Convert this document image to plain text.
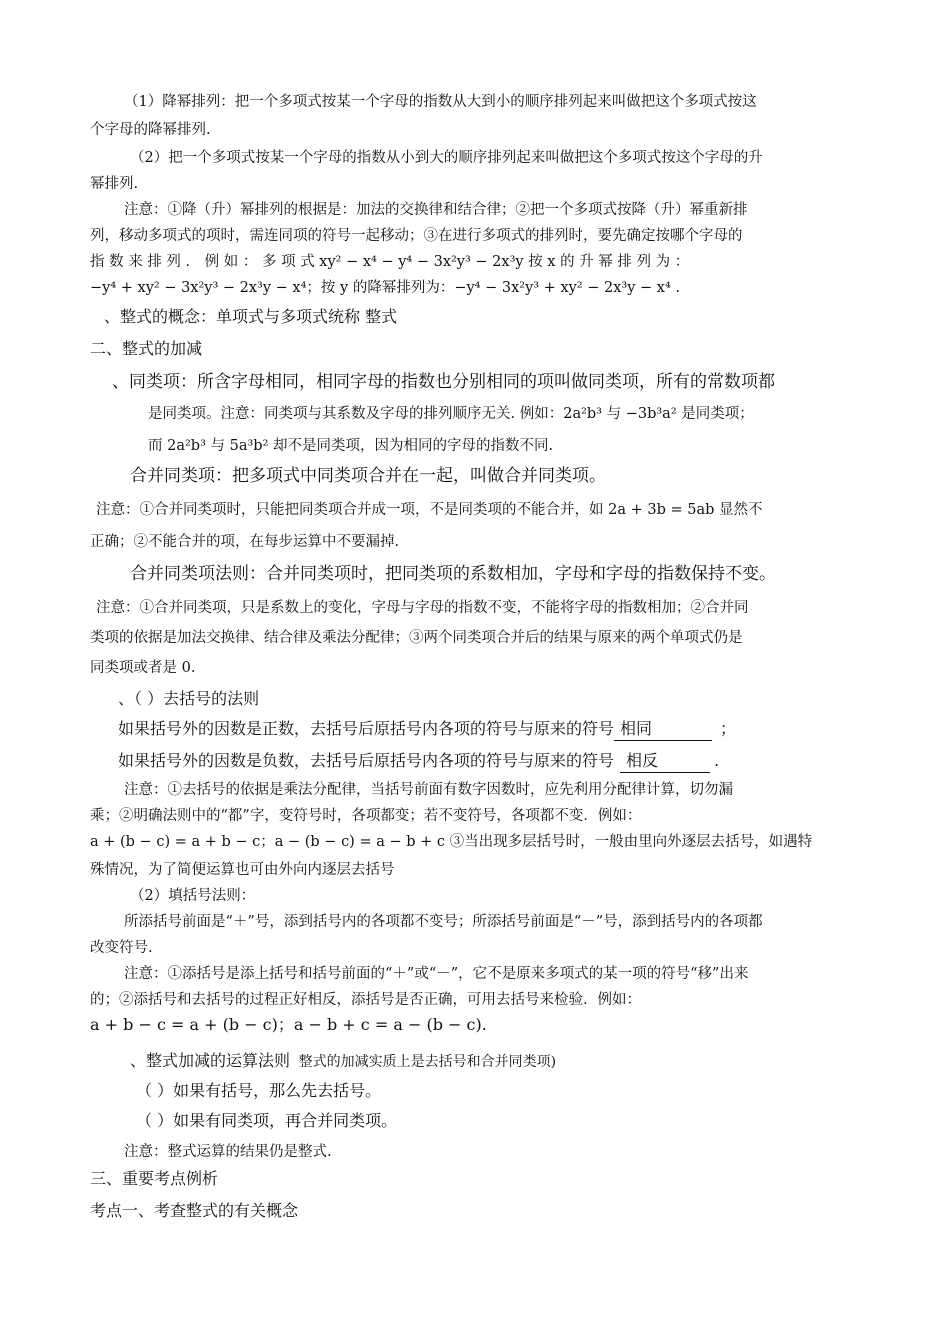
（1）降幂排列：把一个多项式按某一个字母的指数从大到小的顺序排列起来叫做把这个多项式按这
个字母的降幂排列.
（2）把一个多项式按某一个字母的指数从小到大的顺序排列起来叫做把这个多项式按这个字母的升
幂排列.
注意：①降（升）幂排列的根据是：加法的交换律和结合律；②把一个多项式按降（升）幂重新排
列，移动多项式的项时，需连同项的符号一起移动；③在进行多项式的排列时，要先确定按哪个字母的
指 数 来 排 列 ． 例 如 ： 多 项 式 xy² − x⁴ − y⁴ − 3x²y³ − 2x³y 按 x 的 升 幂 排 列 为 ：
−y⁴ + xy² − 3x²y³ − 2x³y − x⁴；按 y 的降幂排列为：−y⁴ − 3x²y³ + xy² − 2x³y − x⁴ .
、整式的概念：单项式与多项式统称 整式
二、整式的加减
、同类项：所含字母相同，相同字母的指数也分别相同的项叫做同类项，所有的常数项都
是同类项。注意：同类项与其系数及字母的排列顺序无关. 例如：2a²b³ 与 −3b³a² 是同类项；
而 2a²b³ 与 5a³b² 却不是同类项，因为相同的字母的指数不同.
合并同类项：把多项式中同类项合并在一起，叫做合并同类项。
注意：①合并同类项时，只能把同类项合并成一项，不是同类项的不能合并，如 2a + 3b = 5ab 显然不
正确；②不能合并的项，在每步运算中不要漏掉.
合并同类项法则：合并同类项时，把同类项的系数相加，字母和字母的指数保持不变。
注意：①合并同类项，只是系数上的变化，字母与字母的指数不变，不能将字母的指数相加；②合并同
类项的依据是加法交换律、结合律及乘法分配律；③两个同类项合并后的结果与原来的两个单项式仍是
同类项或者是 0.
、（ ）去括号的法则
如果括号外的因数是正数，去括号后原括号内各项的符号与原来的符号 相同	；
如果括号外的因数是负数，去括号后原括号内各项的符号与原来的符号 相反	.
注意：①去括号的依据是乘法分配律，当括号前面有数字因数时，应先利用分配律计算，切勿漏
乘；②明确法则中的“都”字，变符号时，各项都变；若不变符号，各项都不变．例如：
a + (b − c) = a + b − c；a − (b − c) = a − b + c ③当出现多层括号时，一般由里向外逐层去括号，如遇特
殊情况，为了简便运算也可由外向内逐层去括号
（2）填括号法则：
所添括号前面是“＋”号，添到括号内的各项都不变号；所添括号前面是“－”号，添到括号内的各项都
改变符号.
注意：①添括号是添上括号和括号前面的“＋”或“－”，它不是原来多项式的某一项的符号“移”出来
的；②添括号和去括号的过程正好相反，添括号是否正确，可用去括号来检验．例如：
a + b − c = a + (b − c)；a − b + c = a − (b − c).
、整式加减的运算法则 整式的加减实质上是去括号和合并同类项)
（ ）如果有括号，那么先去括号。
（ ）如果有同类项，再合并同类项。
注意：整式运算的结果仍是整式.
三、重要考点例析
考点一、考查整式的有关概念
